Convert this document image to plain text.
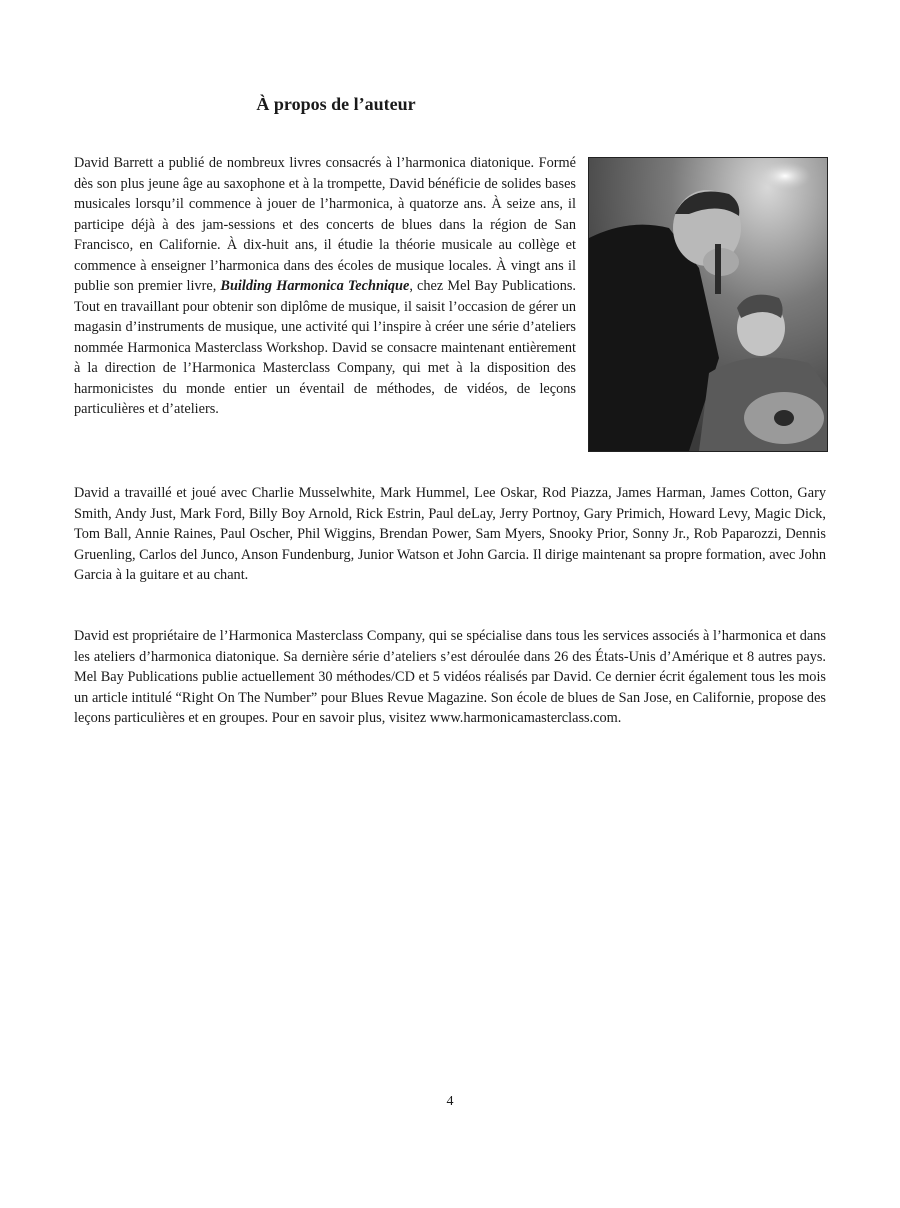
À propos de l’auteur

David Barrett a publié de nombreux livres consacrés à l’harmonica diatonique. Formé dès son plus jeune âge au saxophone et à la trompette, David bénéficie de solides bases musicales lorsqu’il commence à jouer de l’harmonica, à quatorze ans. À seize ans, il participe déjà à des jam-sessions et des concerts de blues dans la région de San Francisco, en Californie. À dix-huit ans, il étudie la théorie musicale au collège et commence à enseigner l’harmonica dans des écoles de musique locales. À vingt ans il publie son premier livre, Building Harmonica Technique, chez Mel Bay Publications. Tout en travaillant pour obtenir son diplôme de musique, il saisit l’occasion de gérer un magasin d’instruments de musique, une activité qui l’inspire à créer une série d’ateliers nommée Harmonica Masterclass Workshop. David se consacre maintenant entièrement à la direction de l’Harmonica Masterclass Company, qui met à la disposition des harmonicistes du monde entier un éventail de méthodes, de vidéos, de leçons particulières et d’ateliers.

David a travaillé et joué avec Charlie Musselwhite, Mark Hummel, Lee Oskar, Rod Piazza, James Harman, James Cotton, Gary Smith, Andy Just, Mark Ford, Billy Boy Arnold, Rick Estrin, Paul deLay, Jerry Portnoy, Gary Primich, Howard Levy, Magic Dick, Tom Ball, Annie Raines, Paul Oscher, Phil Wiggins, Brendan Power, Sam Myers, Snooky Prior, Sonny Jr., Rob Paparozzi, Dennis Gruenling, Carlos del Junco, Anson Fundenburg, Junior Watson et John Garcia. Il dirige maintenant sa propre formation, avec John Garcia à la guitare et au chant.

David est propriétaire de l’Harmonica Masterclass Company, qui se spécialise dans tous les services associés à l’harmonica et dans les ateliers d’harmonica diatonique. Sa dernière série d’ateliers s’est déroulée dans 26 des États-Unis d’Amérique et 8 autres pays. Mel Bay Publications publie actuellement 30 méthodes/CD et 5 vidéos réalisés par David. Ce dernier écrit également tous les mois un article intitulé “Right On The Number” pour Blues Revue Magazine. Son école de blues de San Jose, en Californie, propose des leçons particulières et en groupes. Pour en savoir plus, visitez www.harmonicamasterclass.com.

4
